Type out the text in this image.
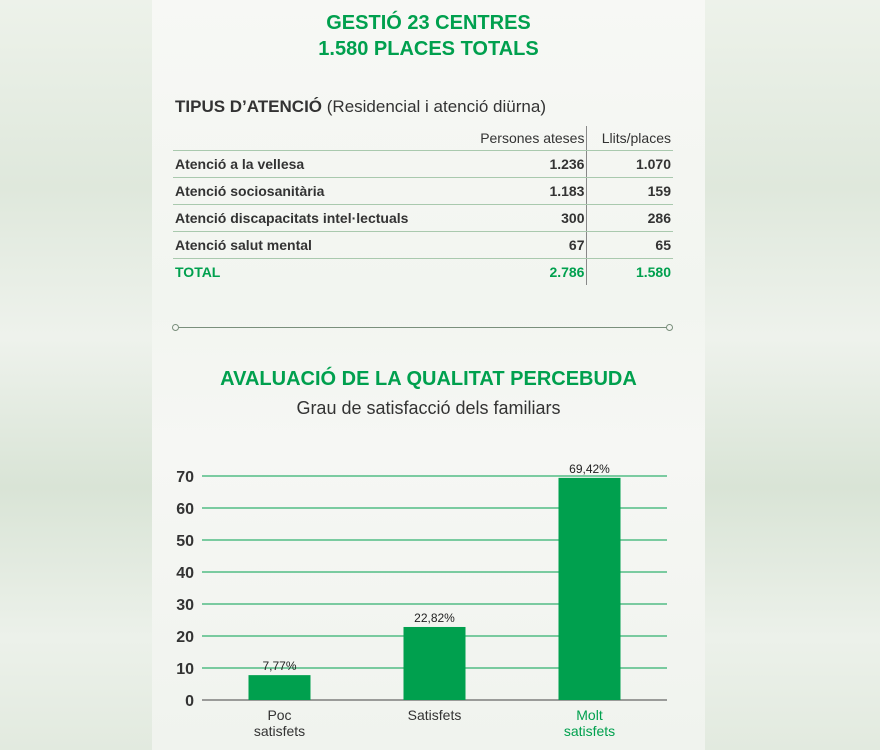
GESTIÓ 23 CENTRES
1.580 PLACES TOTALS
TIPUS D’ATENCIÓ (Residencial i atenció diürna)
	Persones ateses	Llits/places
Atenció a la vellesa	1.236	1.070
Atenció sociosanitària	1.183	159
Atenció discapacitats intel·lectuals	300	286
Atenció salut mental	67	65
TOTAL	2.786	1.580
AVALUACIÓ DE LA QUALITAT PERCEBUDA
Grau de satisfacció dels familiars
0
10
20
30
40
50
60
70
7,77%
Poc
satisfets
22,82%
Satisfets
69,42%
Molt
satisfets
